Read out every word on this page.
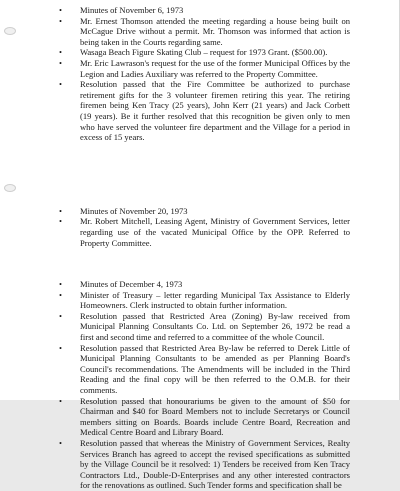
•	Minutes of November 6, 1973
•	Mr. Ernest Thomson attended the meeting regarding a house being built on McCague Drive without a permit. Mr. Thomson was informed that action is being taken in the Courts regarding same.
•	Wasaga Beach Figure Skating Club – request for 1973 Grant. ($500.00).
•	Mr. Eric Lawrason's request for the use of the former Municipal Offices by the Legion and Ladies Auxiliary was referred to the Property Committee.
•	Resolution passed that the Fire Committee be authorized to purchase retirement gifts for the 3 volunteer firemen retiring this year. The retiring firemen being Ken Tracy (25 years), John Kerr (21 years) and Jack Corbett (19 years). Be it further resolved that this recognition be given only to men who have served the volunteer fire department and the Village for a period in excess of 15 years.
•	Minutes of November 20, 1973
•	Mr. Robert Mitchell, Leasing Agent, Ministry of Government Services, letter regarding use of the vacated Municipal Office by the OPP. Referred to Property Committee.
•	Minutes of December 4, 1973
•	Minister of Treasury – letter regarding Municipal Tax Assistance to Elderly Homeowners. Clerk instructed to obtain further information.
•	Resolution passed that Restricted Area (Zoning) By-law received from Municipal Planning Consultants Co. Ltd. on September 26, 1972 be read a first and second time and referred to a committee of the whole Council.
•	Resolution passed that Restricted Area By-law be referred to Derek Little of Municipal Planning Consultants to be amended as per Planning Board's Council's recommendations. The Amendments will be included in the Third Reading and the final copy will be then referred to the O.M.B. for their comments.
•	Resolution passed that honourariums be given to the amount of $50 for Chairman and $40 for Board Members not to include Secretarys or Council members sitting on Boards. Boards include Centre Board, Recreation and Medical Centre Board and Library Board.
•	Resolution passed that whereas the Ministry of Government Services, Realty Services Branch has agreed to accept the revised specifications as submitted by the Village Council be it resolved: 1) Tenders be received from Ken Tracy Contractors Ltd., Double-D-Enterprises and any other interested contractors for the renovations as outlined. Such Tender forms and specification shall be
